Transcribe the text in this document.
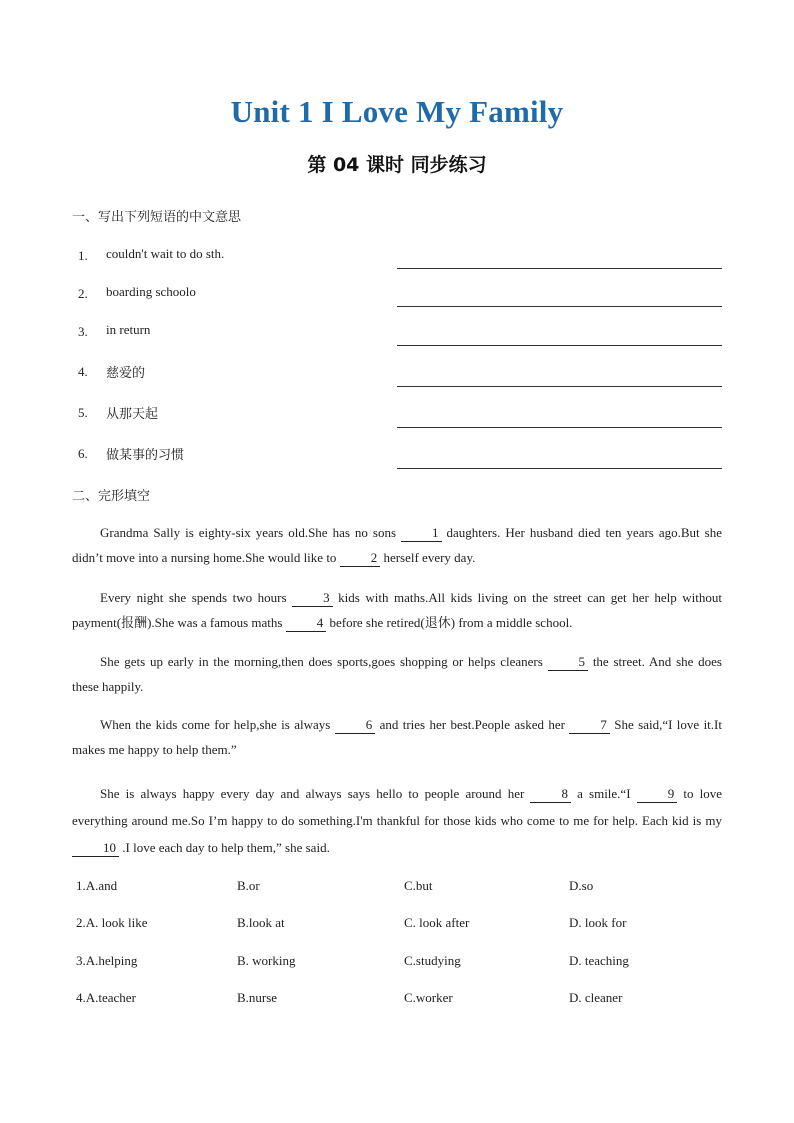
Unit 1 I Love My Family
第 04 课时 同步练习
一、写出下列短语的中文意思
1. couldn't wait to do sth.
2. boarding schoolo
3. in return
4. 慈爱的
5. 从那天起
6. 做某事的习惯
二、完形填空
Grandma Sally is eighty-six years old.She has no sons 1 daughters. Her husband died ten years ago.But she didn’t move into a nursing home.She would like to 2 herself every day.
Every night she spends two hours 3 kids with maths.All kids living on the street can get her help without payment(报酬).She was a famous maths 4 before she retired(退休) from a middle school.
She gets up early in the morning,then does sports,goes shopping or helps cleaners 5 the street. And she does these happily.
When the kids come for help,she is always 6 and tries her best.People asked her 7 She said,“I love it.It makes me happy to help them.”
She is always happy every day and always says hello to people around her 8 a smile.“I 9 to love everything around me.So I’m happy to do something.I'm thankful for those kids who come to me for help. Each kid is my 10 .I love each day to help them,” she said.
1.A.and	B.or	C.but	D.so
2.A. look like	B.look at	C. look after	D. look for
3.A.helping	B. working	C.studying	D. teaching
4.A.teacher	B.nurse	C.worker	D. cleaner
